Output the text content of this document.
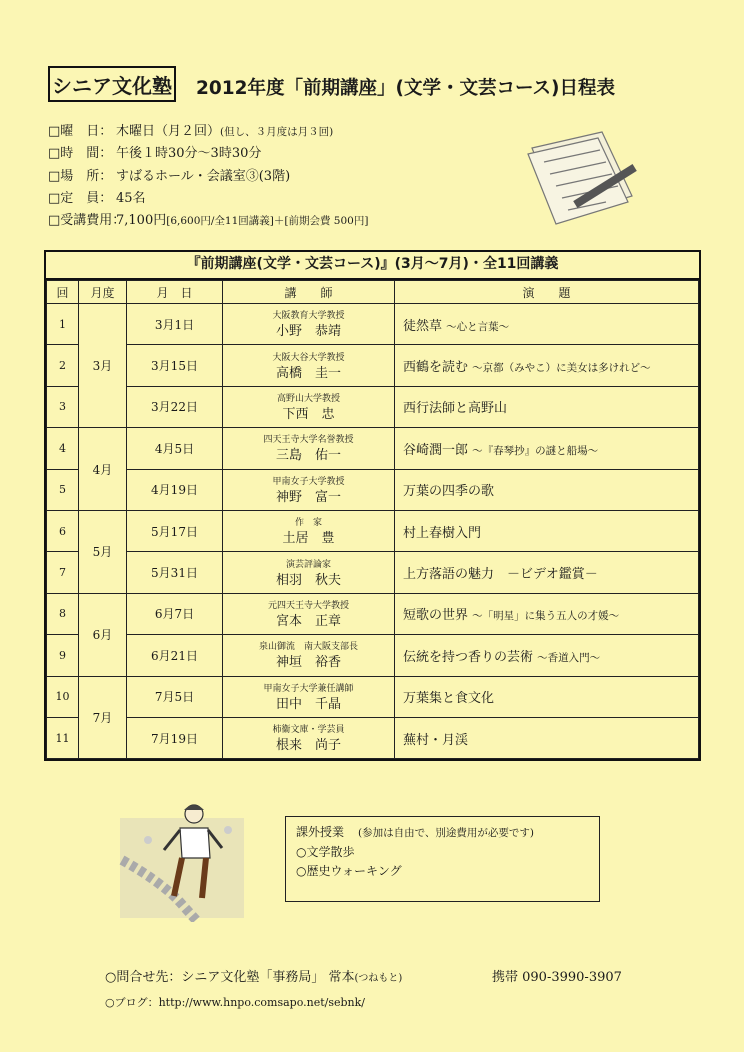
シニア文化塾 2012年度「前期講座」(文学・文芸コース)日程表
□曜　日： 木曜日（月２回）(但し、３月度は月３回)
□時　間： 午後１時30分～3時30分
□場　所： すばるホール・会議室③(3階)
□定　員： 45名
□受講費用：7,100円[6,600円/全11回講義]＋[前期会費 500円]
『前期講座(文学・文芸コース)』(3月～7月)・全11回講義
回	月度	月　日	講　　師	演　　題
1	3月	3月1日	大阪教育大学教授
小野　恭靖	徒然草 ～心と言葉～
2		3月15日	大阪大谷大学教授
高橋　圭一	西鶴を読む ～京都（みやこ）に美女は多けれど～
3		3月22日	高野山大学教授
下西　忠	西行法師と高野山
4	4月	4月5日	四天王寺大学名誉教授
三島　佑一	谷崎潤一郎 ～『春琴抄』の謎と船場～
5		4月19日	甲南女子大学教授
神野　富一	万葉の四季の歌
6	5月	5月17日	作　家
土居　豊	村上春樹入門
7		5月31日	演芸評論家
相羽　秋夫	上方落語の魅力　－ビデオ鑑賞－
8	6月	6月7日	元四天王寺大学教授
宮本　正章	短歌の世界 ～「明星」に集う五人の才媛～
9		6月21日	泉山御流　南大阪支部長
神垣　裕香	伝統を持つ香りの芸術 ～香道入門～
10	7月	7月5日	甲南女子大学兼任講師
田中　千晶	万葉集と食文化
11		7月19日	柿衞文庫・学芸員
根来　尚子	蕪村・月渓
課外授業 (参加は自由で、別途費用が必要です)
○文学散歩
○歴史ウォーキング
○問合せ先：シニア文化塾「事務局」 常本(つねもと)	携帯 090-3990-3907
○ブログ：http://www.hnpo.comsapo.net/sebnk/
